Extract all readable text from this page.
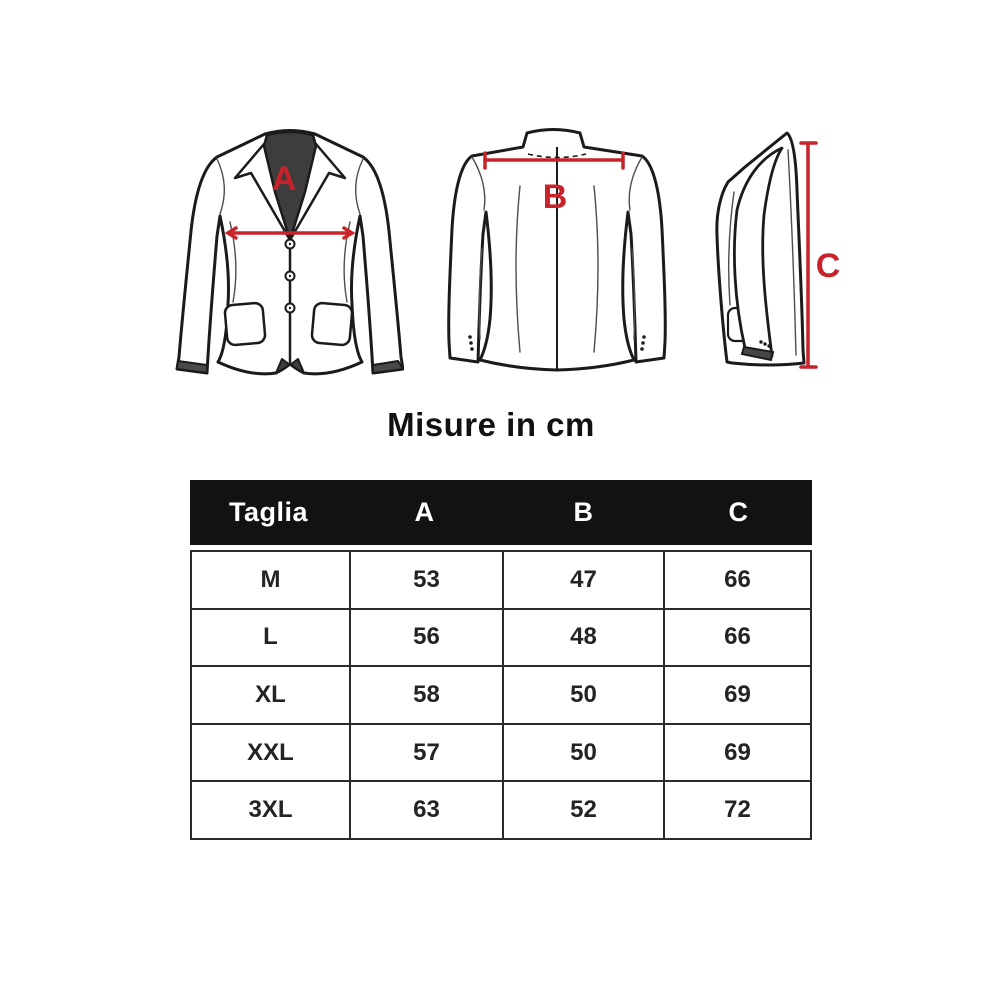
A	B
C
Misure in cm
Taglia	A	B	C
M	53	47	66
L	56	48	66
XL	58	50	69
XXL	57	50	69
3XL	63	52	72
